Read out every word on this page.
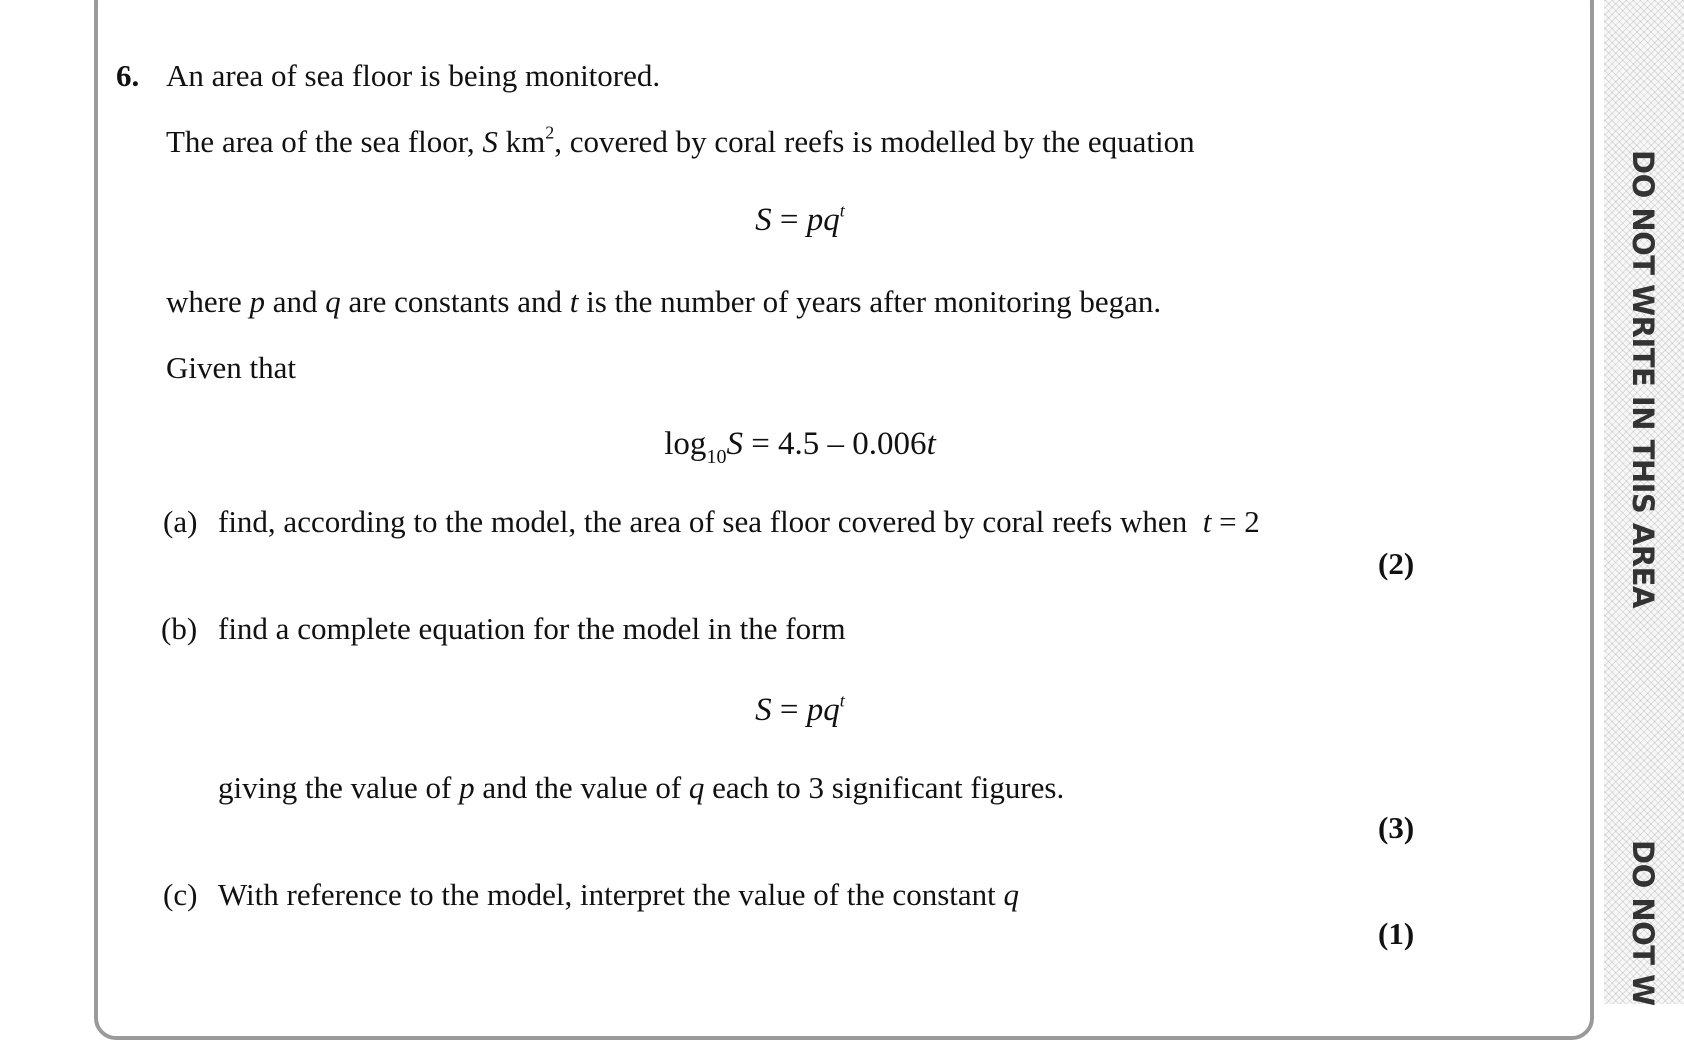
DO NOT WRITE IN THIS AREA
DO NOT W
6. An area of sea floor is being monitored.
The area of the sea floor, S $km^2$, covered by coral reefs is modelled by the equation
$S = pq^t$
where p and q are constants and t is the number of years after monitoring began.
Given that
$\log_{10}S = 4.5 - 0.006t$
(a) find, according to the model, the area of sea floor covered by coral reefs when t = 2
(2)
(b) find a complete equation for the model in the form
$S = pq^t$
giving the value of p and the value of q each to 3 significant figures.
(3)
(c) With reference to the model, interpret the value of the constant q
(1)
